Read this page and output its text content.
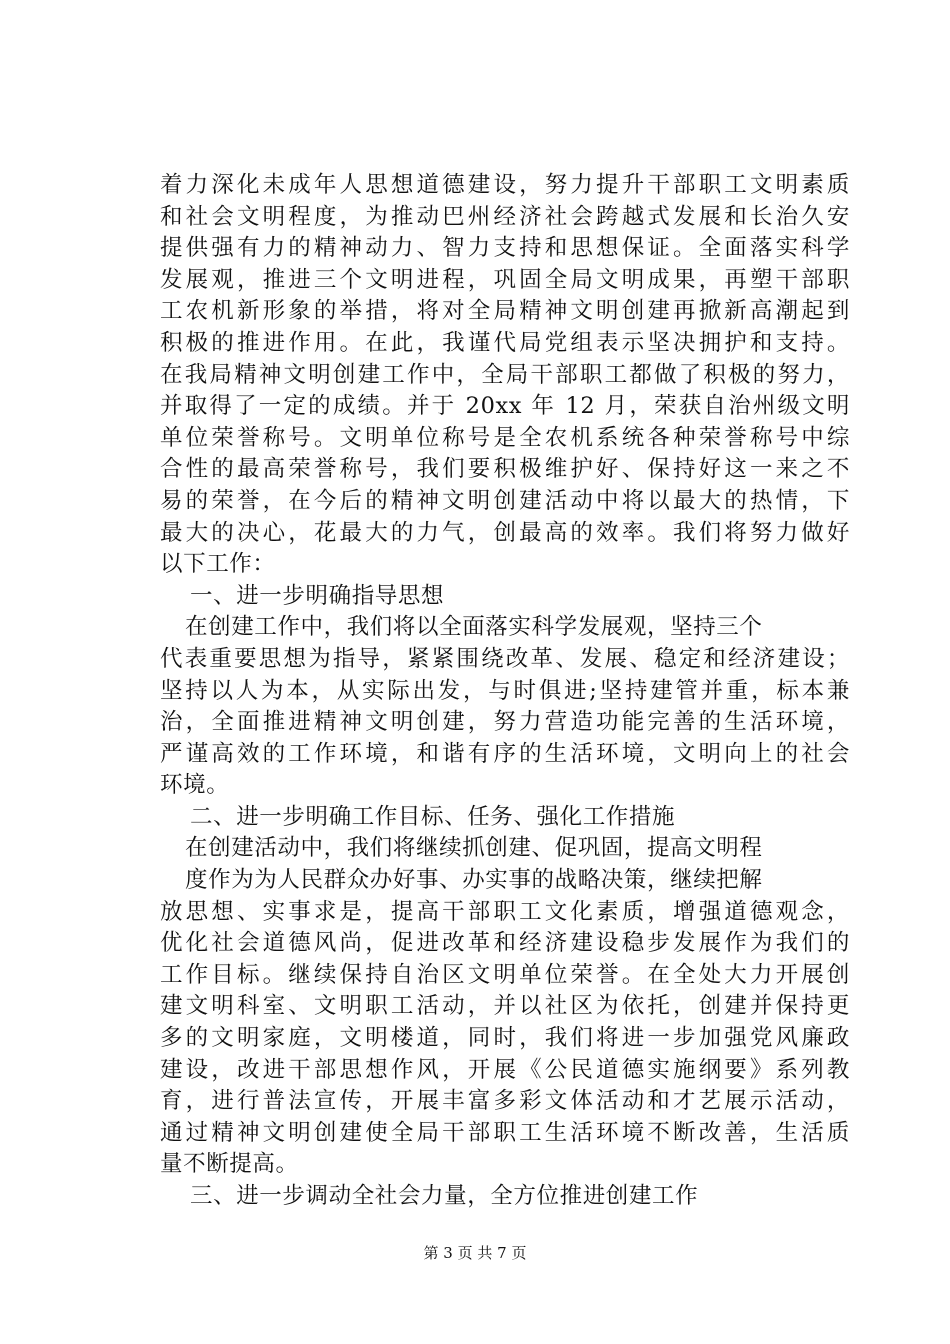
着力深化未成年人思想道德建设，努力提升干部职工文明素质
和社会文明程度，为推动巴州经济社会跨越式发展和长治久安
提供强有力的精神动力、智力支持和思想保证。全面落实科学
发展观，推进三个文明进程，巩固全局文明成果，再塑干部职
工农机新形象的举措，将对全局精神文明创建再掀新高潮起到
积极的推进作用。在此，我谨代局党组表示坚决拥护和支持。
在我局精神文明创建工作中，全局干部职工都做了积极的努力，
并取得了一定的成绩。并于 20xx 年 12 月，荣获自治州级文明
单位荣誉称号。文明单位称号是全农机系统各种荣誉称号中综
合性的最高荣誉称号，我们要积极维护好、保持好这一来之不
易的荣誉，在今后的精神文明创建活动中将以最大的热情，下
最大的决心，花最大的力气，创最高的效率。我们将努力做好
以下工作：
一、进一步明确指导思想
在创建工作中，我们将以全面落实科学发展观，坚持三个
代表重要思想为指导，紧紧围绕改革、发展、稳定和经济建设；
坚持以人为本，从实际出发，与时俱进;坚持建管并重，标本兼
治，全面推进精神文明创建，努力营造功能完善的生活环境，
严谨高效的工作环境，和谐有序的生活环境，文明向上的社会
环境。
二、进一步明确工作目标、任务、强化工作措施
在创建活动中，我们将继续抓创建、促巩固，提高文明程
度作为为人民群众办好事、办实事的战略决策，继续把解
放思想、实事求是，提高干部职工文化素质，增强道德观念，
优化社会道德风尚，促进改革和经济建设稳步发展作为我们的
工作目标。继续保持自治区文明单位荣誉。在全处大力开展创
建文明科室、文明职工活动，并以社区为依托，创建并保持更
多的文明家庭，文明楼道，同时，我们将进一步加强党风廉政
建设，改进干部思想作风，开展《公民道德实施纲要》系列教
育，进行普法宣传，开展丰富多彩文体活动和才艺展示活动，
通过精神文明创建使全局干部职工生活环境不断改善，生活质
量不断提高。
三、进一步调动全社会力量，全方位推进创建工作
第 3 页 共 7 页
